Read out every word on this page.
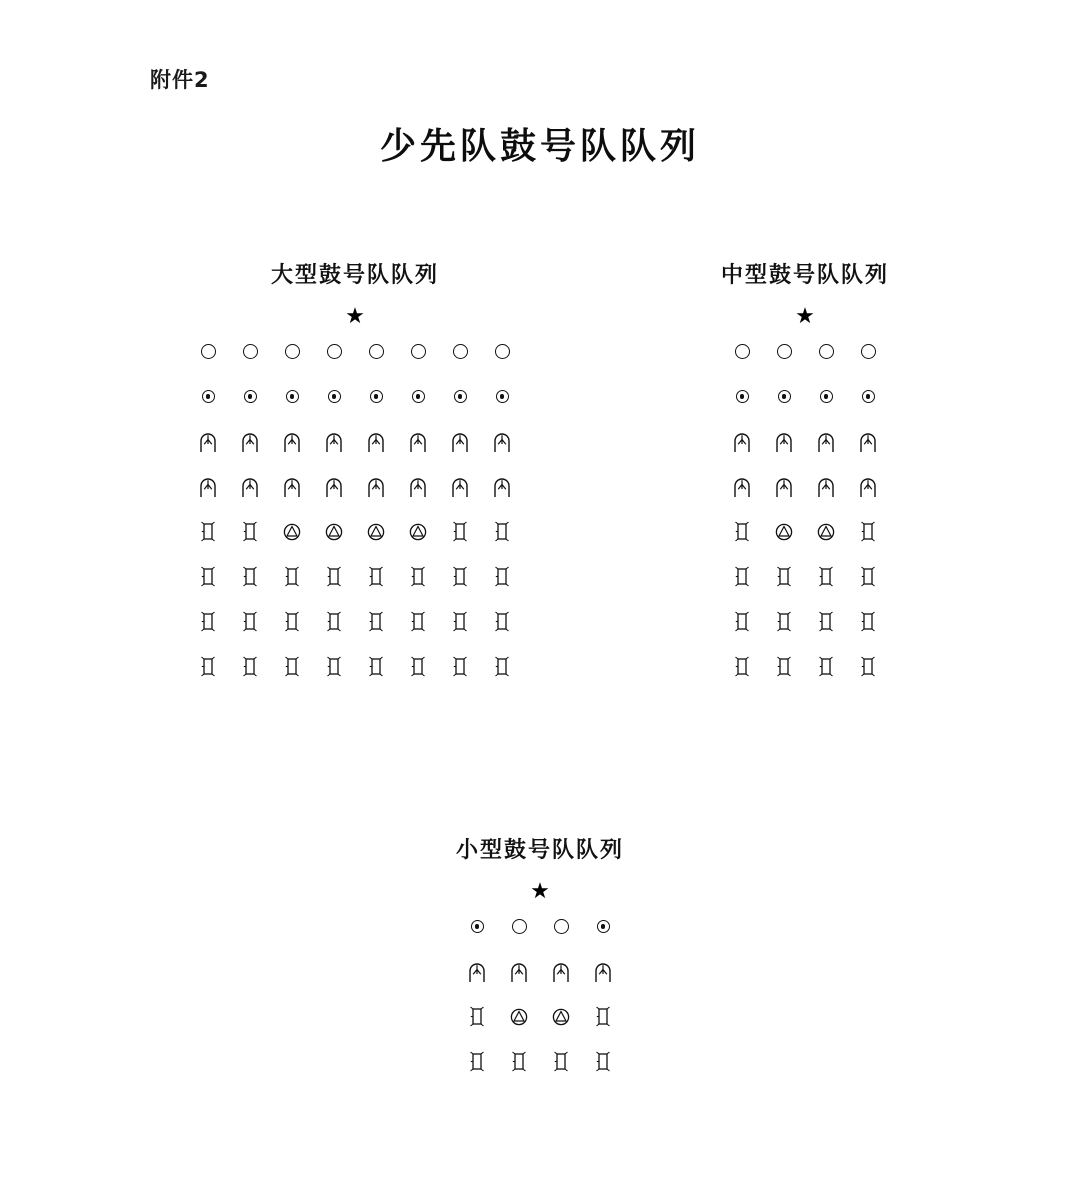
附件2
少先队鼓号队队列
大型鼓号队队列
★
中型鼓号队队列
★
小型鼓号队队列
★
